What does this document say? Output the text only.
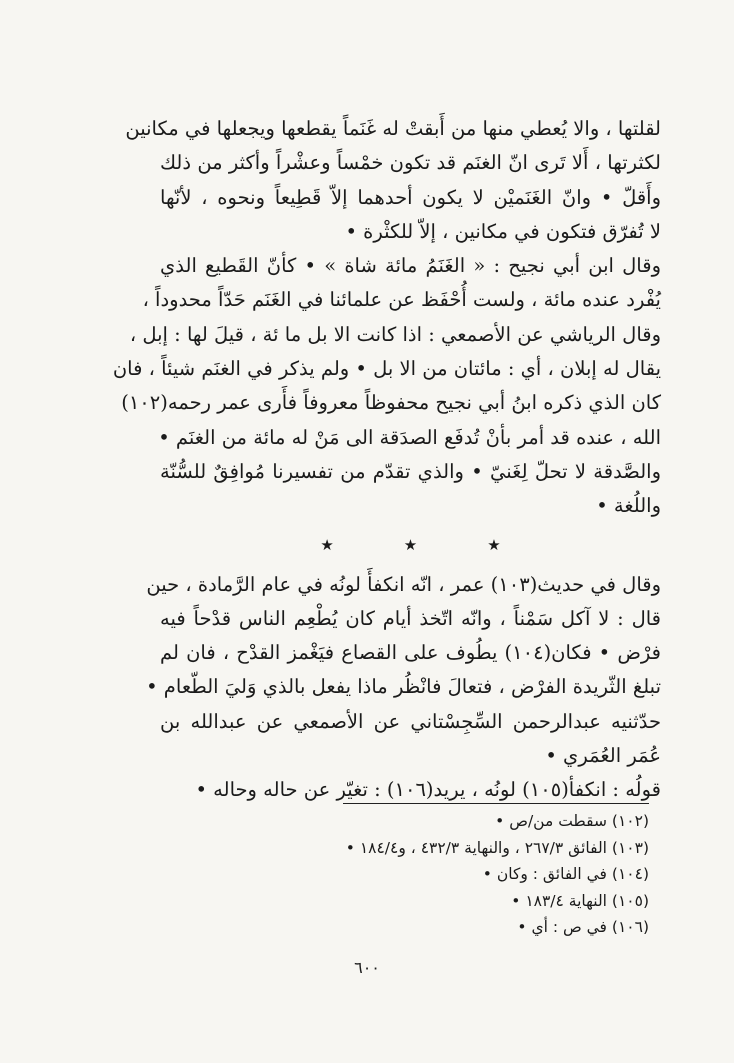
لقلتها ، والا يُعطي منها من أَبقتْ له غَنَماً يقطعها ويجعلها في مكانين
لكثرتها ، أَلا تَرى انّ الغنَم قد تكون خمْساً وعشْراً وأكثر من ذلك
وأَقلّ • وانّ الغَنَميْن لا يكون أحدهما إلاّ قَطِيعاً ونحوه ، لأنّها
لا تُفرّق فتكون في مكانين ، إلاّ للكثْرة •
وقال ابن أبي نجيح : « الغَنَمُ مائة شاة » • كأنّ القَطيع الذي
يُفْرد عنده مائة ، ولست أُحْفَظ عن علمائنا في الغَنَم حَدّاً محدوداً ،
وقال الرياشي عن الأصمعي : اذا كانت الا بل ما ئة ، قيلَ لها : إبل ،
يقال له إبلان ، أي : مائتان من الا بل • ولم يذكر في الغنَم شيئاً ، فان
كان الذي ذكره ابنُ أبي نجيح محفوظاً معروفاً فأَرى عمر رحمه(١٠٢)
الله ، عنده قد أمر بأنْ تُدفَع الصدَقة الى مَنْ له مائة من الغنَم •
والصَّدقة لا تحلّ لِغَنيّ • والذي تقدّم من تفسيرنا مُوافِقٌ للسُّنّة
واللُغة •
★	★	★
وقال في حديث(١٠٣) عمر ، انّه انكفأَ لونُه في عام الرَّمادة ، حين
قال : لا آكل سَمْناً ، وانّه اتّخذ أيام كان يُطْعِم الناس قدْحاً فيه
فرْض • فكان(١٠٤) يطُوف على القصاع فيَغْمز القدْح ، فان لم
تبلغ الثّريدة الفرْض ، فتعالَ فانْظُر ماذا يفعل بالذي وَليَ الطّعام •
حدّثنيه عبدالرحمن السِّجِسْتاني عن الأصمعي عن عبدالله بن
عُمَر العُمَري •
قولُه : انكفأ(١٠٥) لونُه ، يريد(١٠٦) : تغيّر عن حاله وحاله •
(١٠٢) سقطت من/ص •
(١٠٣) الفائق ٢٦٧/٣ ، والنهاية ٤٣٢/٣ ، و١٨٤/٤ •
(١٠٤) في الفائق : وكان •
(١٠٥) النهاية ١٨٣/٤ •
(١٠٦) في ص : أي •
٦٠٠
